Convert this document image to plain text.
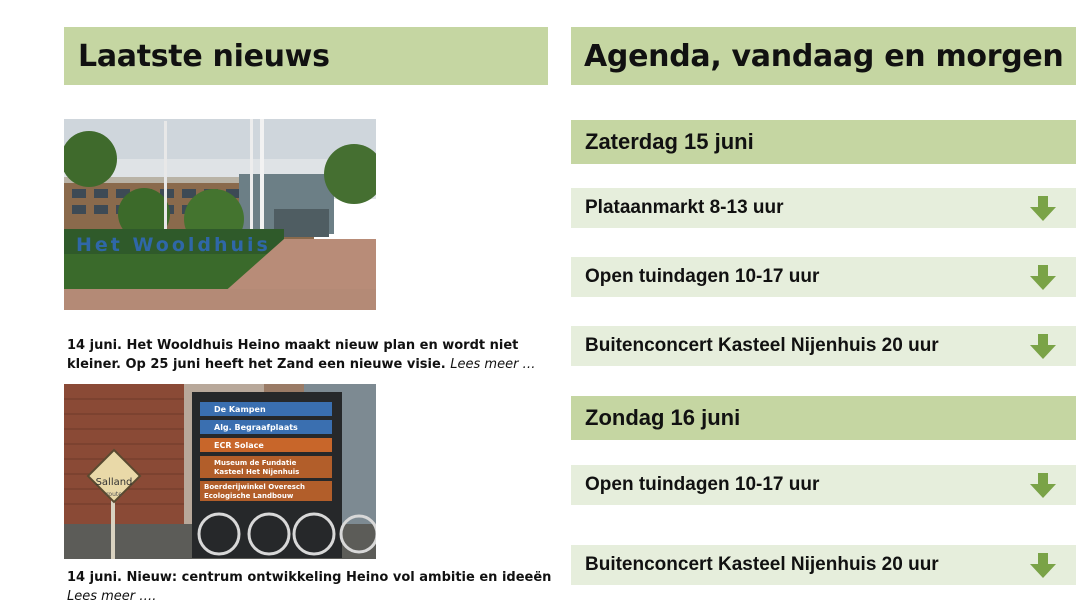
Laatste nieuws
Het Wooldhuis
14 juni. Het Wooldhuis Heino maakt nieuw plan en wordt niet kleiner. Op 25 juni heeft het Zand een nieuwe visie. Lees meer …
Salland
route
De Kampen
Alg. Begraafplaats
ECR Solace
Museum de Fundatie
Kasteel Het Nijenhuis
Boerderijwinkel Overesch
Ecologische Landbouw
14 juni. Nieuw: centrum ontwikkeling Heino vol ambitie en ideeën Lees meer ….
Agenda, vandaag en morgen
Zaterdag 15 juni
Plataanmarkt 8-13 uur
Open tuindagen 10-17 uur
Buitenconcert Kasteel Nijenhuis 20 uur
Zondag 16 juni
Open tuindagen 10-17 uur
Buitenconcert Kasteel Nijenhuis 20 uur
